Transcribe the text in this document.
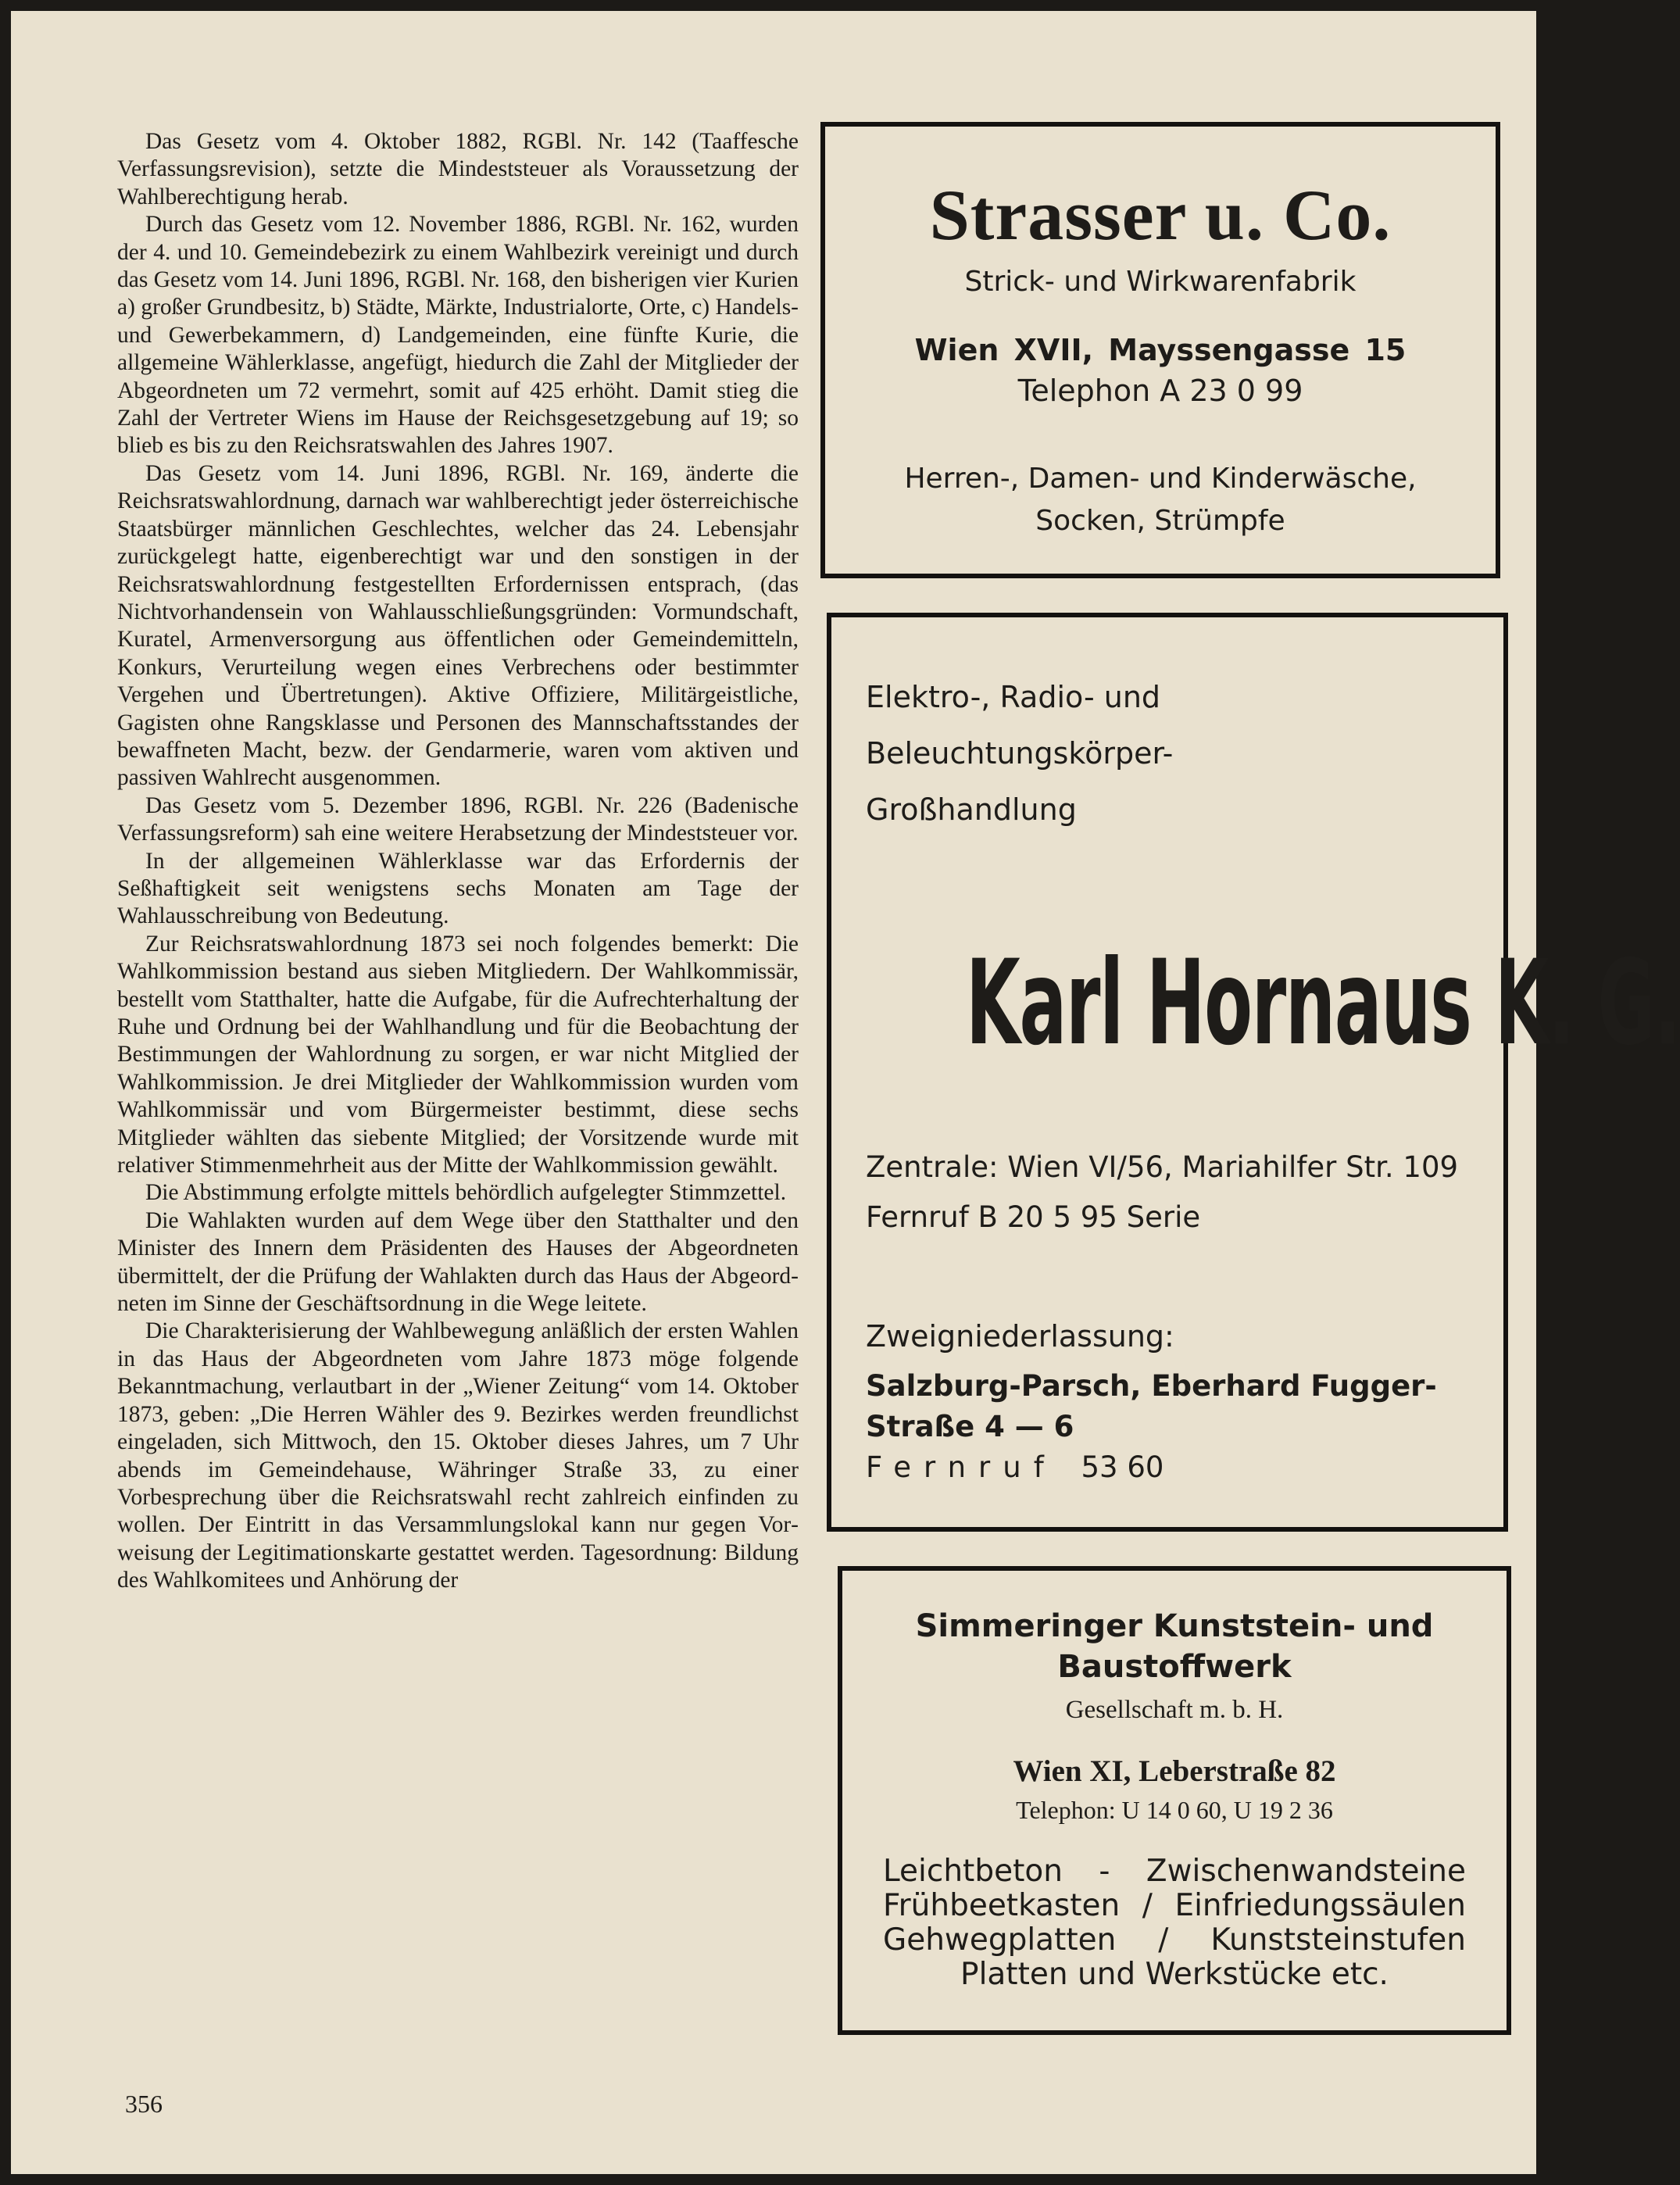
Das Gesetz vom 4. Oktober 1882, RGBl. Nr. 142 (Taaffesche Verfassungsrevision), setzte die Mindeststeuer als Voraussetzung der Wahlberechtigung herab.

Durch das Gesetz vom 12. November 1886, RGBl. Nr. 162, wurden der 4. und 10. Gemeindebezirk zu einem Wahlbezirk vereinigt und durch das Gesetz vom 14. Juni 1896, RGBl. Nr. 168, den bisherigen vier Kurien a) großer Grundbesitz, b) Städte, Märkte, Industrialorte, Orte, c) Handels- und Gewerbekammern, d) Landgemeinden, eine fünfte Kurie, die allgemeine Wählerklasse, angefügt, hiedurch die Zahl der Mitglieder der Abgeordneten um 72 vermehrt, somit auf 425 erhöht. Damit stieg die Zahl der Vertreter Wiens im Hause der Reichsgesetzgebung auf 19; so blieb es bis zu den Reichsratswahlen des Jahres 1907.

Das Gesetz vom 14. Juni 1896, RGBl. Nr. 169, änderte die Reichsratswahlordnung, darnach war wahlberechtigt jeder österreichische Staatsbürger männlichen Geschlechtes, welcher das 24. Lebensjahr zurückgelegt hatte, eigenberechtigt war und den sonstigen in der Reichsratswahlordnung festgestellten Erfordernissen entsprach, (das Nichtvorhandensein von Wahlausschließungsgründen: Vormundschaft, Kuratel, Armenversorgung aus öffentlichen oder Gemeindemitteln, Konkurs, Verurteilung wegen eines Verbrechens oder bestimmter Vergehen und Übertretungen). Aktive Offiziere, Militärgeistliche, Gagisten ohne Rangsklasse und Personen des Mannschaftsstandes der bewaffneten Macht, bezw. der Gendarmerie, waren vom aktiven und passiven Wahlrecht ausgenommen.

Das Gesetz vom 5. Dezember 1896, RGBl. Nr. 226 (Badenische Verfassungsreform) sah eine weitere Herabsetzung der Mindeststeuer vor.

In der allgemeinen Wählerklasse war das Erfordernis der Seßhaftigkeit seit wenigstens sechs Monaten am Tage der Wahlausschreibung von Bedeutung.

Zur Reichsratswahlordnung 1873 sei noch folgendes bemerkt: Die Wahlkommission bestand aus sieben Mitgliedern. Der Wahlkommissär, bestellt vom Statthalter, hatte die Aufgabe, für die Aufrechterhaltung der Ruhe und Ordnung bei der Wahlhandlung und für die Beobachtung der Bestimmungen der Wahlordnung zu sorgen, er war nicht Mitglied der Wahlkommission. Je drei Mitglieder der Wahlkommission wurden vom Wahlkommissär und vom Bürgermeister bestimmt, diese sechs Mitglieder wählten das siebente Mitglied; der Vorsitzende wurde mit relativer Stimmenmehrheit aus der Mitte der Wahlkommission gewählt.

Die Abstimmung erfolgte mittels behördlich aufgelegter Stimmzettel.

Die Wahlakten wurden auf dem Wege über den Statthalter und den Minister des Innern dem Präsidenten des Hauses der Abgeordneten übermittelt, der die Prüfung der Wahlakten durch das Haus der Abgeordneten im Sinne der Geschäftsordnung in die Wege leitete.

Die Charakterisierung der Wahlbewegung anläßlich der ersten Wahlen in das Haus der Abgeordneten vom Jahre 1873 möge folgende Bekanntmachung, verlautbart in der „Wiener Zeitung“ vom 14. Oktober 1873, geben: „Die Herren Wähler des 9. Bezirkes werden freundlichst eingeladen, sich Mittwoch, den 15. Oktober dieses Jahres, um 7 Uhr abends im Gemeindehause, Währinger Straße 33, zu einer Vorbesprechung über die Reichsratswahl recht zahlreich einfinden zu wollen. Der Eintritt in das Versammlungslokal kann nur gegen Vorweisung der Legitimationskarte gestattet werden. Tagesordnung: Bildung des Wahlkomitees und Anhörung der

356
Strasser u. Co.
Strick- und Wirkwarenfabrik
Wien XVII, Mayssengasse 15
Telephon A 23 0 99
Herren-, Damen- und Kinderwäsche,
Socken, Strümpfe
Elektro-, Radio- und
Beleuchtungskörper-
Großhandlung
Karl Hornaus K. G.
Zentrale: Wien VI/56, Mariahilfer Str. 109
Fernruf B 20 5 95 Serie
Zweigniederlassung:
Salzburg-Parsch, Eberhard Fugger-
Straße 4 — 6
Fernruf 53 60
Simmeringer Kunststein- und
Baustoffwerk
Gesellschaft m. b. H.
Wien XI, Leberstraße 82
Telephon: U 14 0 60, U 19 2 36
Leichtbeton - Zwischenwandsteine
Frühbeetkasten / Einfriedungssäulen
Gehwegplatten / Kunststeinstufen
Platten und Werkstücke etc.
